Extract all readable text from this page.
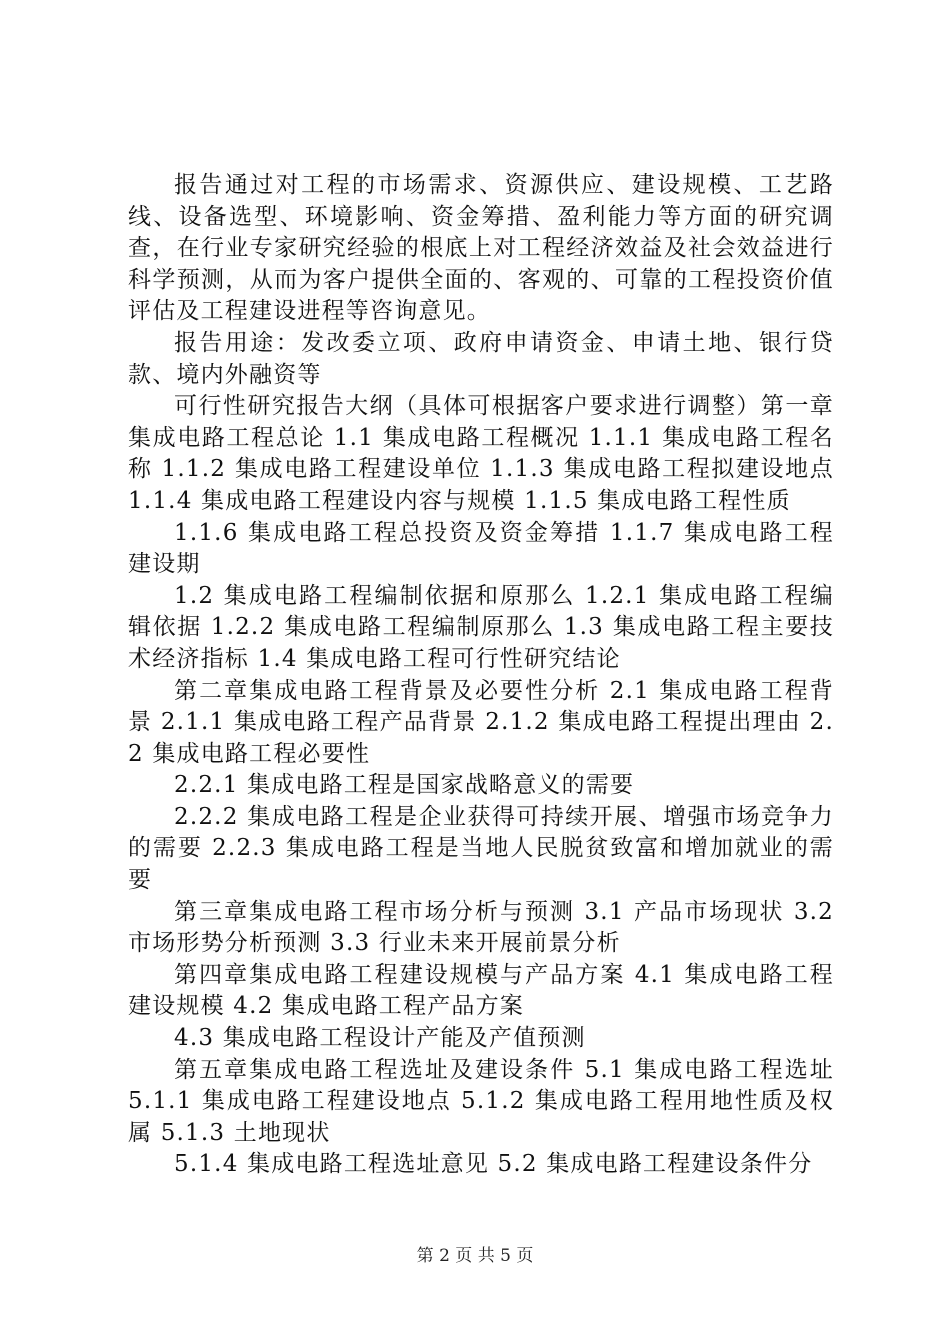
报告通过对工程的市场需求、资源供应、建设规模、工艺路线、设备选型、环境影响、资金筹措、盈利能力等方面的研究调查，在行业专家研究经验的根底上对工程经济效益及社会效益进行科学预测，从而为客户提供全面的、客观的、可靠的工程投资价值评估及工程建设进程等咨询意见。

报告用途：发改委立项、政府申请资金、申请土地、银行贷款、境内外融资等

可行性研究报告大纲（具体可根据客户要求进行调整）第一章集成电路工程总论 1.1 集成电路工程概况 1.1.1 集成电路工程名称 1.1.2 集成电路工程建设单位 1.1.3 集成电路工程拟建设地点 1.1.4 集成电路工程建设内容与规模 1.1.5 集成电路工程性质

1.1.6 集成电路工程总投资及资金筹措 1.1.7 集成电路工程建设期

1.2 集成电路工程编制依据和原那么 1.2.1 集成电路工程编辑依据 1.2.2 集成电路工程编制原那么 1.3 集成电路工程主要技术经济指标 1.4 集成电路工程可行性研究结论

第二章集成电路工程背景及必要性分析 2.1 集成电路工程背景 2.1.1 集成电路工程产品背景 2.1.2 集成电路工程提出理由 2.2 集成电路工程必要性

2.2.1 集成电路工程是国家战略意义的需要

2.2.2 集成电路工程是企业获得可持续开展、增强市场竞争力的需要 2.2.3 集成电路工程是当地人民脱贫致富和增加就业的需要

第三章集成电路工程市场分析与预测 3.1 产品市场现状 3.2 市场形势分析预测 3.3 行业未来开展前景分析

第四章集成电路工程建设规模与产品方案 4.1 集成电路工程建设规模 4.2 集成电路工程产品方案

4.3 集成电路工程设计产能及产值预测

第五章集成电路工程选址及建设条件 5.1 集成电路工程选址 5.1.1 集成电路工程建设地点 5.1.2 集成电路工程用地性质及权属 5.1.3 土地现状

5.1.4 集成电路工程选址意见 5.2 集成电路工程建设条件分

第 2 页 共 5 页
